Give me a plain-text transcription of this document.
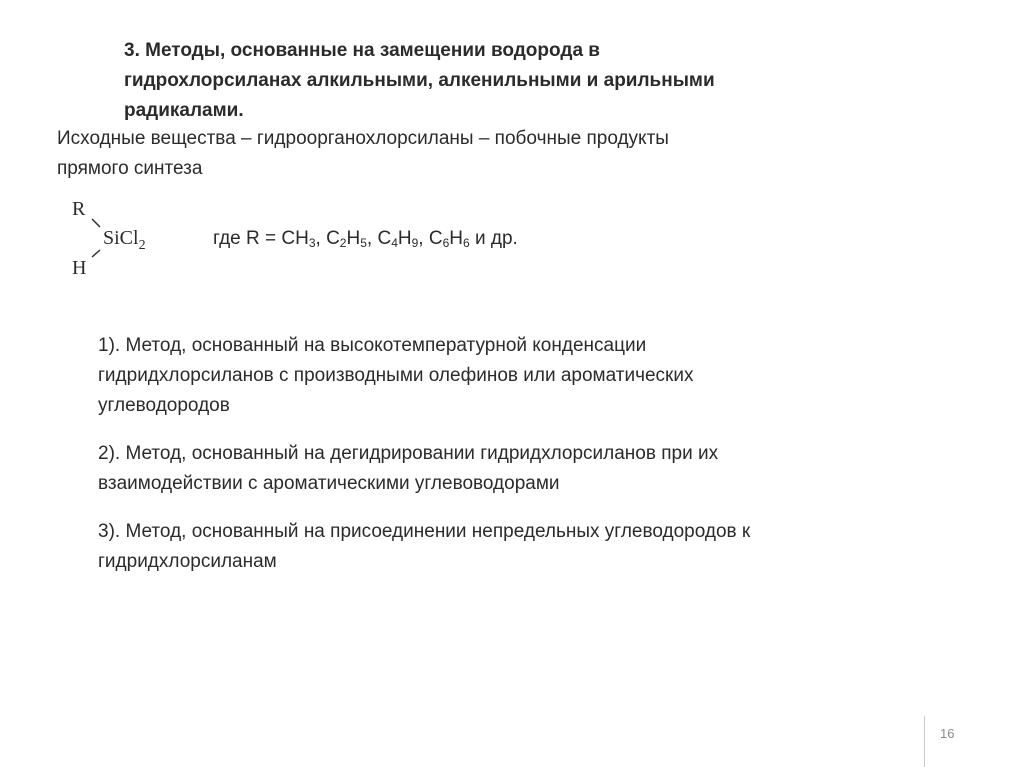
3. Методы, основанные на замещении водорода в
гидрохлорсиланах алкильными, алкенильными и арильными
радикалами.
Исходные вещества – гидроорганохлорсиланы – побочные продукты
прямого синтеза
R
SiCl$_2$
H
где $R = CH_3$, $C_2H_5$, $C_4H_9$, $C_6H_6$ и др.
1). Метод, основанный на высокотемпературной конденсации
гидридхлорсиланов с производными олефинов или ароматических
углеводородов
2). Метод, основанный на дегидрировании гидридхлорсиланов при их
взаимодействии с ароматическими углевоводорами
3). Метод, основанный на присоединении непредельных углеводородов к
гидридхлорсиланам
16
